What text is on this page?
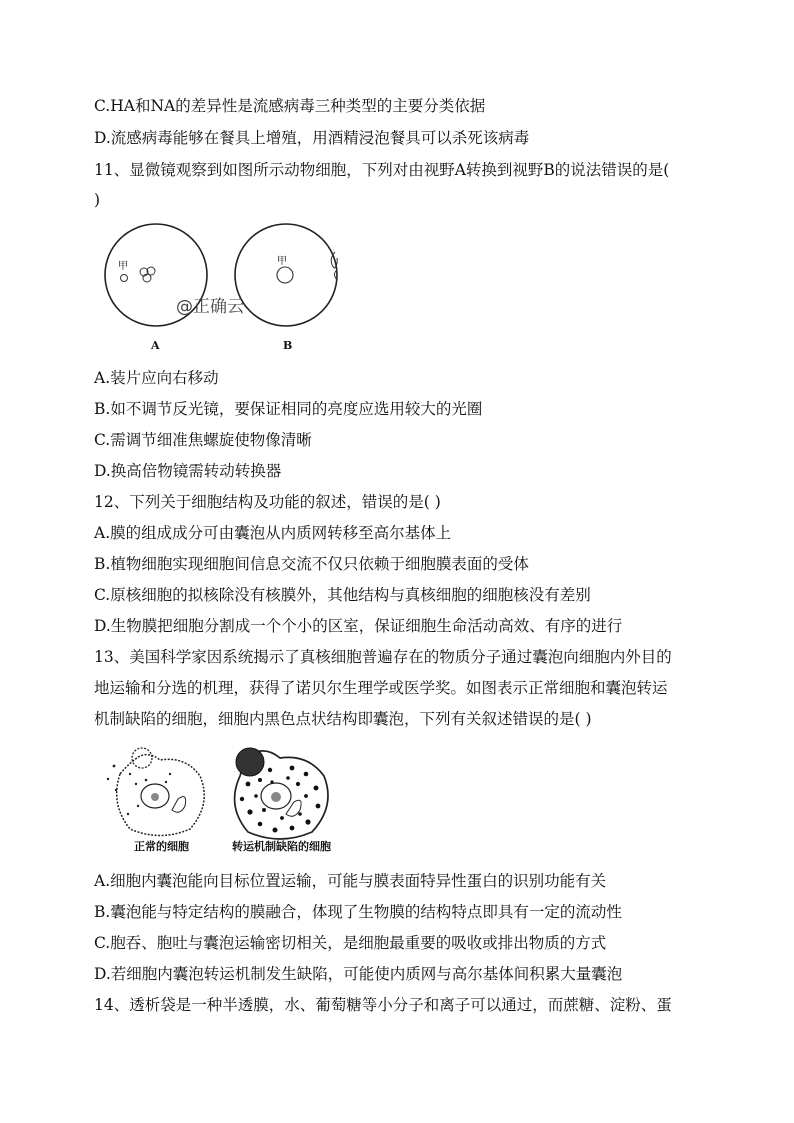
C.HA和NA的差异性是流感病毒三种类型的主要分类依据
D.流感病毒能够在餐具上增殖，用酒精浸泡餐具可以杀死该病毒
11、显微镜观察到如图所示动物细胞，下列对由视野A转换到视野B的说法错误的是(
)
甲	甲
A	B
@正确云
A.装片应向右移动
B.如不调节反光镜，要保证相同的亮度应选用较大的光圈
C.需调节细准焦螺旋使物像清晰
D.换高倍物镜需转动转换器
12、下列关于细胞结构及功能的叙述，错误的是( )
A.膜的组成成分可由囊泡从内质网转移至高尔基体上
B.植物细胞实现细胞间信息交流不仅只依赖于细胞膜表面的受体
C.原核细胞的拟核除没有核膜外，其他结构与真核细胞的细胞核没有差别
D.生物膜把细胞分割成一个个小的区室，保证细胞生命活动高效、有序的进行
13、美国科学家因系统揭示了真核细胞普遍存在的物质分子通过囊泡向细胞内外目的
地运输和分选的机理，获得了诺贝尔生理学或医学奖。如图表示正常细胞和囊泡转运
机制缺陷的细胞，细胞内黑色点状结构即囊泡，下列有关叙述错误的是( )
正常的细胞	转运机制缺陷的细胞
A.细胞内囊泡能向目标位置运输，可能与膜表面特异性蛋白的识别功能有关
B.囊泡能与特定结构的膜融合，体现了生物膜的结构特点即具有一定的流动性
C.胞吞、胞吐与囊泡运输密切相关，是细胞最重要的吸收或排出物质的方式
D.若细胞内囊泡转运机制发生缺陷，可能使内质网与高尔基体间积累大量囊泡
14、透析袋是一种半透膜，水、葡萄糖等小分子和离子可以通过，而蔗糖、淀粉、蛋
